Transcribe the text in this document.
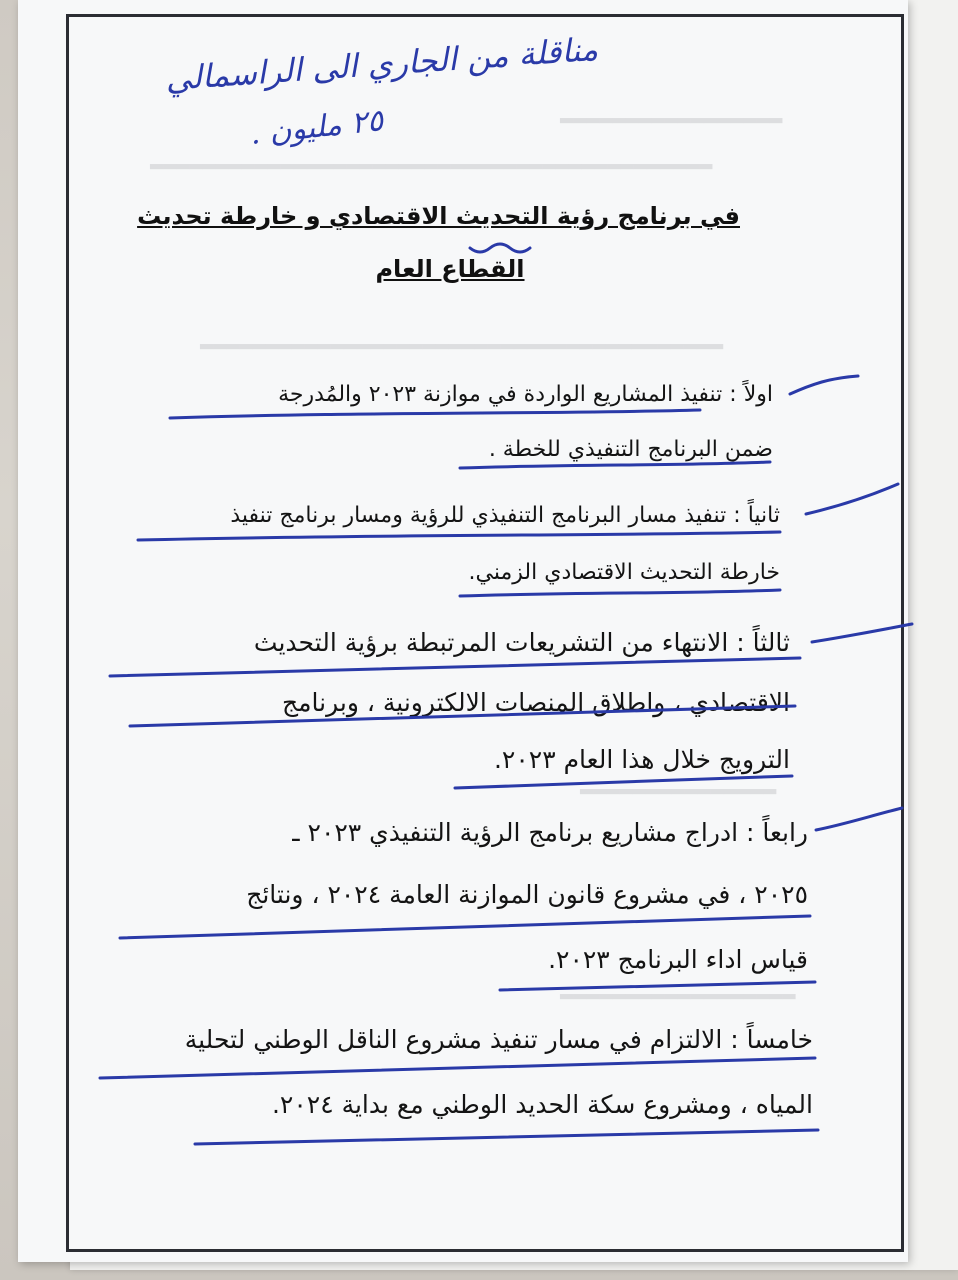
▂▂▂▂▂▂▂▂▂▂▂▂▂▂▂▂▂
▂▂▂▂▂▂▂▂▂▂▂▂▂▂▂▂▂▂▂▂▂▂▂▂▂▂▂▂▂▂▂▂▂▂▂▂▂▂▂▂▂▂▂
▂▂▂▂▂▂▂▂▂▂▂▂▂▂▂▂▂▂▂▂▂▂▂▂▂▂▂▂▂▂▂▂▂▂▂▂▂▂▂▂
▂▂▂▂▂▂▂▂▂▂▂▂▂▂▂
▂▂▂▂▂▂▂▂▂▂▂▂▂▂▂▂▂▂
مناقلة من الجاري الى الراسمالي
٢٥ مليون .
في برنامج رؤية التحديث الاقتصادي و خارطة تحديث
القطاع العام
اولاً : تنفيذ المشاريع الواردة في موازنة ٢٠٢٣ والمُدرجة
ضمن البرنامج التنفيذي للخطة .
ثانياً : تنفيذ مسار البرنامج التنفيذي للرؤية ومسار برنامج تنفيذ
خارطة التحديث الاقتصادي الزمني.
ثالثاً : الانتهاء من التشريعات المرتبطة برؤية التحديث
الاقتصادي ، واطلاق المنصات الالكترونية ، وبرنامج
الترويج خلال هذا العام ٢٠٢٣.
رابعاً : ادراج مشاريع برنامج الرؤية التنفيذي ٢٠٢٣ ـ
٢٠٢٥ ، في مشروع قانون الموازنة العامة ٢٠٢٤ ، ونتائج
قياس اداء البرنامج ٢٠٢٣.
خامساً : الالتزام في مسار تنفيذ مشروع الناقل الوطني لتحلية
المياه ، ومشروع سكة الحديد الوطني مع بداية ٢٠٢٤.
